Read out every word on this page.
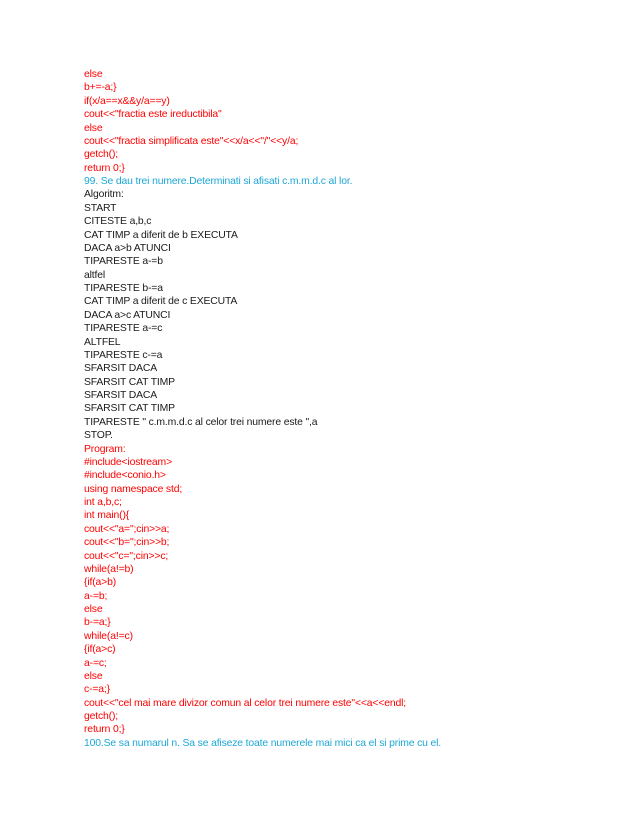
else
b+=-a;}
if(x/a==x&&y/a==y)
cout<<"fractia este ireductibila"
else
cout<<"fractia simplificata este"<<x/a<<"/"<<y/a;
getch();
return 0;}
99. Se dau trei numere.Determinati si afisati c.m.m.d.c al lor.
Algoritm:
START
CITESTE a,b,c
CAT TIMP a diferit de b EXECUTA
DACA a>b ATUNCI
TIPARESTE a-=b
altfel
TIPARESTE b-=a
CAT TIMP a diferit de c EXECUTA
DACA a>c ATUNCI
TIPARESTE a-=c
ALTFEL
TIPARESTE c-=a
SFARSIT DACA
SFARSIT CAT TIMP
SFARSIT DACA
SFARSIT CAT TIMP
TIPARESTE " c.m.m.d.c al celor trei numere este ",a
STOP.
Program:
#include<iostream>
#include<conio.h>
using namespace std;
int a,b,c;
int main(){
cout<<"a=";cin>>a;
cout<<"b=";cin>>b;
cout<<"c=";cin>>c;
while(a!=b)
{if(a>b)
a-=b;
else
b-=a;}
while(a!=c)
{if(a>c)
a-=c;
else
c-=a;}
cout<<"cel mai mare divizor comun al celor trei numere este"<<a<<endl;
getch();
return 0;}
100.Se sa numarul n. Sa se afiseze toate numerele mai mici ca el si prime cu el.
